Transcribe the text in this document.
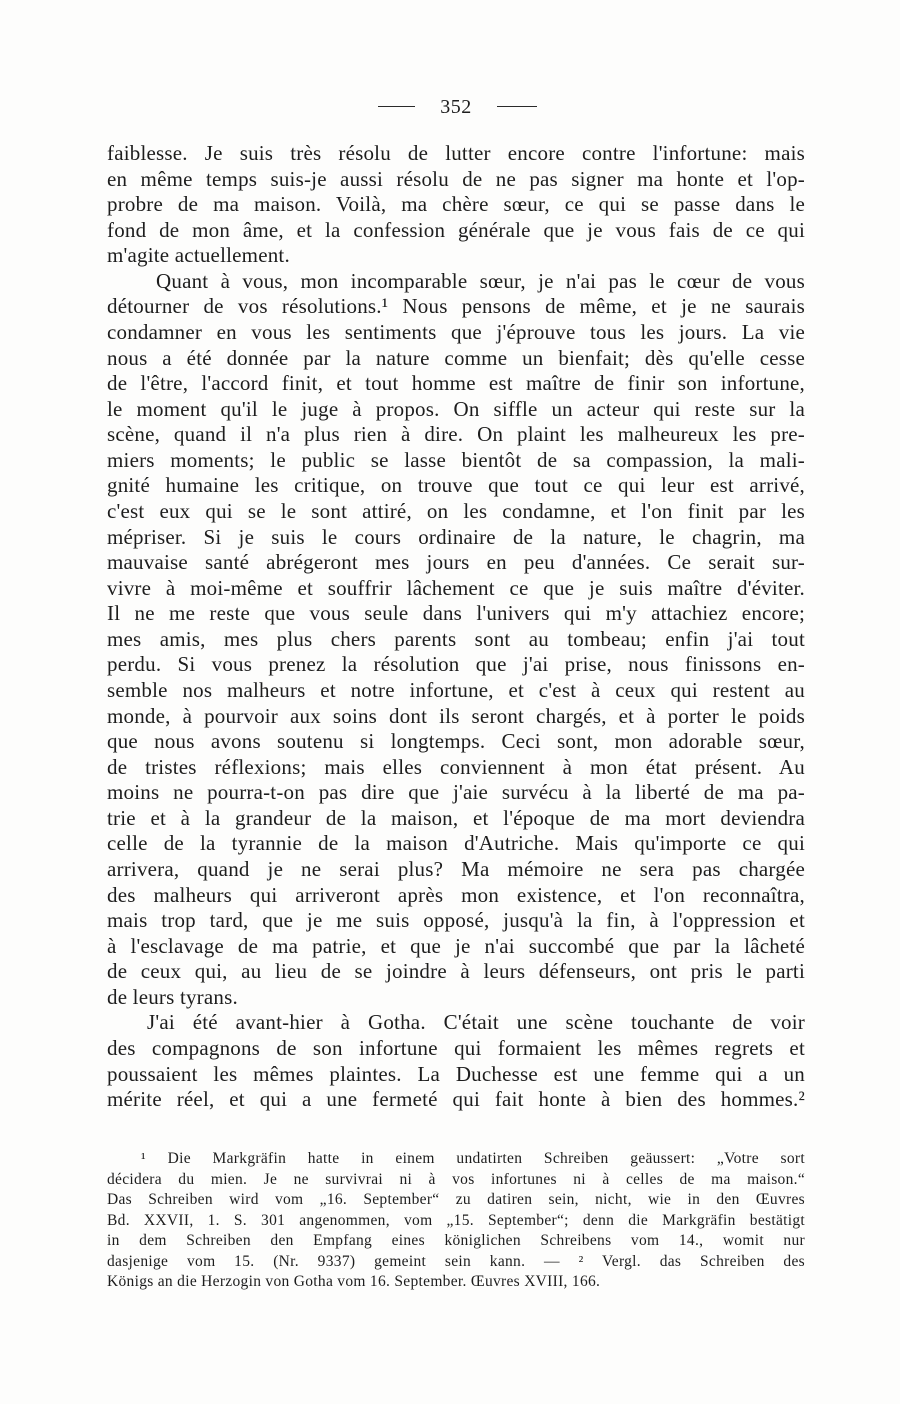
352
faiblesse. Je suis très résolu de lutter encore contre l'infortune: mais
en même temps suis-je aussi résolu de ne pas signer ma honte et l'op-
probre de ma maison. Voilà, ma chère sœur, ce qui se passe dans le
fond de mon âme, et la confession générale que je vous fais de ce qui
m'agite actuellement.
Quant à vous, mon incomparable sœur, je n'ai pas le cœur de vous
détourner de vos résolutions.¹ Nous pensons de même, et je ne saurais
condamner en vous les sentiments que j'éprouve tous les jours. La vie
nous a été donnée par la nature comme un bienfait; dès qu'elle cesse
de l'être, l'accord finit, et tout homme est maître de finir son infortune,
le moment qu'il le juge à propos. On siffle un acteur qui reste sur la
scène, quand il n'a plus rien à dire. On plaint les malheureux les pre-
miers moments; le public se lasse bientôt de sa compassion, la mali-
gnité humaine les critique, on trouve que tout ce qui leur est arrivé,
c'est eux qui se le sont attiré, on les condamne, et l'on finit par les
mépriser. Si je suis le cours ordinaire de la nature, le chagrin, ma
mauvaise santé abrégeront mes jours en peu d'années. Ce serait sur-
vivre à moi-même et souffrir lâchement ce que je suis maître d'éviter.
Il ne me reste que vous seule dans l'univers qui m'y attachiez encore;
mes amis, mes plus chers parents sont au tombeau; enfin j'ai tout
perdu. Si vous prenez la résolution que j'ai prise, nous finissons en-
semble nos malheurs et notre infortune, et c'est à ceux qui restent au
monde, à pourvoir aux soins dont ils seront chargés, et à porter le poids
que nous avons soutenu si longtemps. Ceci sont, mon adorable sœur,
de tristes réflexions; mais elles conviennent à mon état présent. Au
moins ne pourra-t-on pas dire que j'aie survécu à la liberté de ma pa-
trie et à la grandeur de la maison, et l'époque de ma mort deviendra
celle de la tyrannie de la maison d'Autriche. Mais qu'importe ce qui
arrivera, quand je ne serai plus? Ma mémoire ne sera pas chargée
des malheurs qui arriveront après mon existence, et l'on reconnaîtra,
mais trop tard, que je me suis opposé, jusqu'à la fin, à l'oppression et
à l'esclavage de ma patrie, et que je n'ai succombé que par la lâcheté
de ceux qui, au lieu de se joindre à leurs défenseurs, ont pris le parti
de leurs tyrans.
J'ai été avant-hier à Gotha. C'était une scène touchante de voir
des compagnons de son infortune qui formaient les mêmes regrets et
poussaient les mêmes plaintes. La Duchesse est une femme qui a un
mérite réel, et qui a une fermeté qui fait honte à bien des hommes.²
¹ Die Markgräfin hatte in einem undatirten Schreiben geäussert: „Votre sort
décidera du mien. Je ne survivrai ni à vos infortunes ni à celles de ma maison.“
Das Schreiben wird vom „16. September“ zu datiren sein, nicht, wie in den Œuvres
Bd. XXVII, 1. S. 301 angenommen, vom „15. September“; denn die Markgräfin bestätigt
in dem Schreiben den Empfang eines königlichen Schreibens vom 14., womit nur
dasjenige vom 15. (Nr. 9337) gemeint sein kann. — ² Vergl. das Schreiben des
Königs an die Herzogin von Gotha vom 16. September. Œuvres XVIII, 166.
